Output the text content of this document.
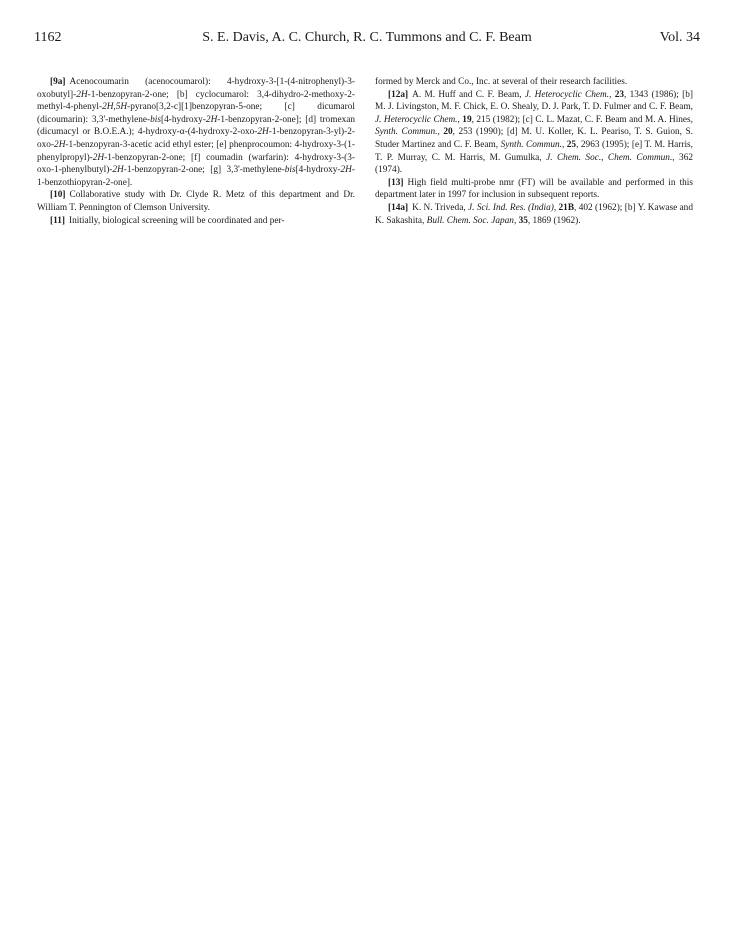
1162	S. E. Davis, A. C. Church, R. C. Tummons and C. F. Beam	Vol. 34

[9a] Acenocoumarin (acenocoumarol): 4-hydroxy-3-[1-(4-nitrophenyl)-3-oxobutyl]-2H-1-benzopyran-2-one; [b] cyclocumarol: 3,4-dihydro-2-methoxy-2-methyl-4-phenyl-2H,5H-pyrano[3,2-c][1]benzopyran-5-one; [c] dicumarol (dicoumarin): 3,3'-methylene-bis[4-hydroxy-2H-1-benzopyran-2-one]; [d] tromexan (dicumacyl or B.O.E.A.); 4-hydroxy-α-(4-hydroxy-2-oxo-2H-1-benzopyran-3-yl)-2-oxo-2H-1-benzopyran-3-acetic acid ethyl ester; [e] phenprocoumon: 4-hydroxy-3-(1-phenylpropyl)-2H-1-benzopyran-2-one; [f] coumadin (warfarin): 4-hydroxy-3-(3-oxo-1-phenylbutyl)-2H-1-benzopyran-2-one; [g] 3,3'-methylene-bis[4-hydroxy-2H-1-benzothiopyran-2-one].

[10] Collaborative study with Dr. Clyde R. Metz of this department and Dr. William T. Pennington of Clemson University.

[11] Initially, biological screening will be coordinated and per-

formed by Merck and Co., Inc. at several of their research facilities.

[12a] A. M. Huff and C. F. Beam, J. Heterocyclic Chem., 23, 1343 (1986); [b] M. J. Livingston, M. F. Chick, E. O. Shealy, D. J. Park, T. D. Fulmer and C. F. Beam, J. Heterocyclic Chem., 19, 215 (1982); [c] C. L. Mazat, C. F. Beam and M. A. Hines, Synth. Commun., 20, 253 (1990); [d] M. U. Koller, K. L. Peariso, T. S. Guion, S. Studer Martinez and C. F. Beam, Synth. Commun., 25, 2963 (1995); [e] T. M. Harris, T. P. Murray, C. M. Harris, M. Gumulka, J. Chem. Soc., Chem. Commun., 362 (1974).

[13] High field multi-probe nmr (FT) will be available and performed in this department later in 1997 for inclusion in subsequent reports.

[14a] K. N. Triveda, J. Sci. Ind. Res. (India), 21B, 402 (1962); [b] Y. Kawase and K. Sakashita, Bull. Chem. Soc. Japan, 35, 1869 (1962).
